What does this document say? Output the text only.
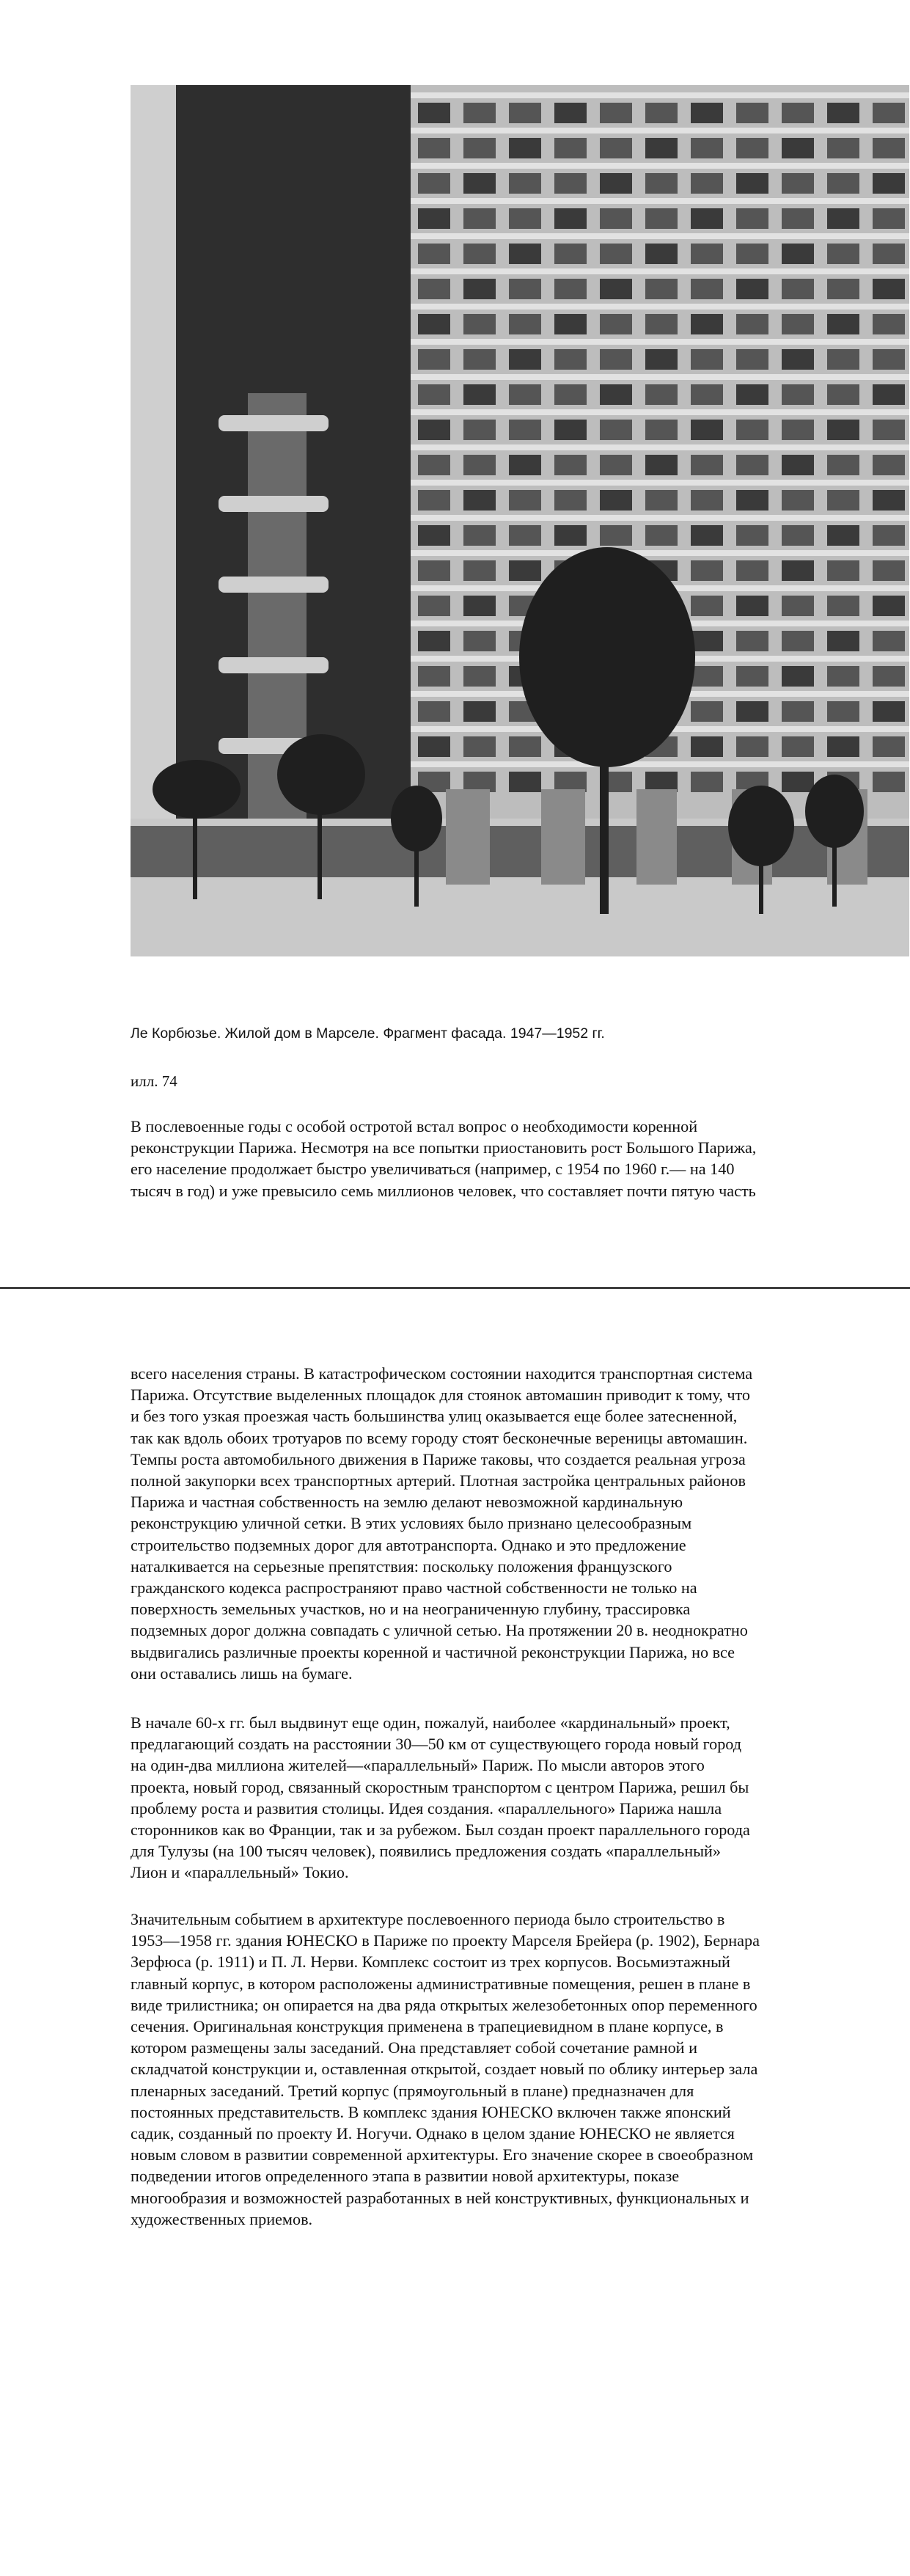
Ле Корбюзье. Жилой дом в Марселе. Фрагмент фасада. 1947—1952 гг.
илл. 74

В послевоенные годы с особой остротой встал вопрос о необходимости коренной
реконструкции Парижа. Несмотря на все попытки приостановить рост Большого Парижа,
его население продолжает быстро увеличиваться (например, с 1954 по 1960 г.— на 140
тысяч в год) и уже превысило семь миллионов человек, что составляет почти пятую часть

всего населения страны. В катастрофическом состоянии находится транспортная система
Парижа. Отсутствие выделенных площадок для стоянок автомашин приводит к тому, что
и без того узкая проезжая часть большинства улиц оказывается еще более затесненной,
так как вдоль обоих тротуаров по всему городу стоят бесконечные вереницы автомашин.
Темпы роста автомобильного движения в Париже таковы, что создается реальная угроза
полной закупорки всех транспортных артерий. Плотная застройка центральных районов
Парижа и частная собственность на землю делают невозможной кардинальную
реконструкцию уличной сетки. В этих условиях было признано целесообразным
строительство подземных дорог для автотранспорта. Однако и это предложение
наталкивается на серьезные препятствия: поскольку положения французского
гражданского кодекса распространяют право частной собственности не только на
поверхность земельных участков, но и на неограниченную глубину, трассировка
подземных дорог должна совпадать с уличной сетью. На протяжении 20 в. неоднократно
выдвигались различные проекты коренной и частичной реконструкции Парижа, но все
они оставались лишь на бумаге.

В начале 60-х гг. был выдвинут еще один, пожалуй, наиболее «кардинальный» проект,
предлагающий создать на расстоянии 30—50 км от существующего города новый город
на один-два миллиона жителей—«параллельный» Париж. По мысли авторов этого
проекта, новый город, связанный скоростным транспортом с центром Парижа, решил бы
проблему роста и развития столицы. Идея создания. «параллельного» Парижа нашла
сторонников как во Франции, так и за рубежом. Был создан проект параллельного города
для Тулузы (на 100 тысяч человек), появились предложения создать «параллельный»
Лион и «параллельный» Токио.

Значительным событием в архитектуре послевоенного периода было строительство в
1953—1958 гг. здания ЮНЕСКО в Париже по проекту Марселя Брейера (р. 1902), Бернара
Зерфюса (р. 1911) и П. Л. Нерви. Комплекс состоит из трех корпусов. Восьмиэтажный
главный корпус, в котором расположены административные помещения, решен в плане в
виде трилистника; он опирается на два ряда открытых железобетонных опор переменного
сечения. Оригинальная конструкция применена в трапециевидном в плане корпусе, в
котором размещены залы заседаний. Она представляет собой сочетание рамной и
складчатой конструкции и, оставленная открытой, создает новый по облику интерьер зала
пленарных заседаний. Третий корпус (прямоугольный в плане) предназначен для
постоянных представительств. В комплекс здания ЮНЕСКО включен также японский
садик, созданный по проекту И. Ногучи. Однако в целом здание ЮНЕСКО не является
новым словом в развитии современной архитектуры. Его значение скорее в своеобразном
подведении итогов определенного этапа в развитии новой архитектуры, показе
многообразия и возможностей разработанных в ней конструктивных, функциональных и
художественных приемов.
